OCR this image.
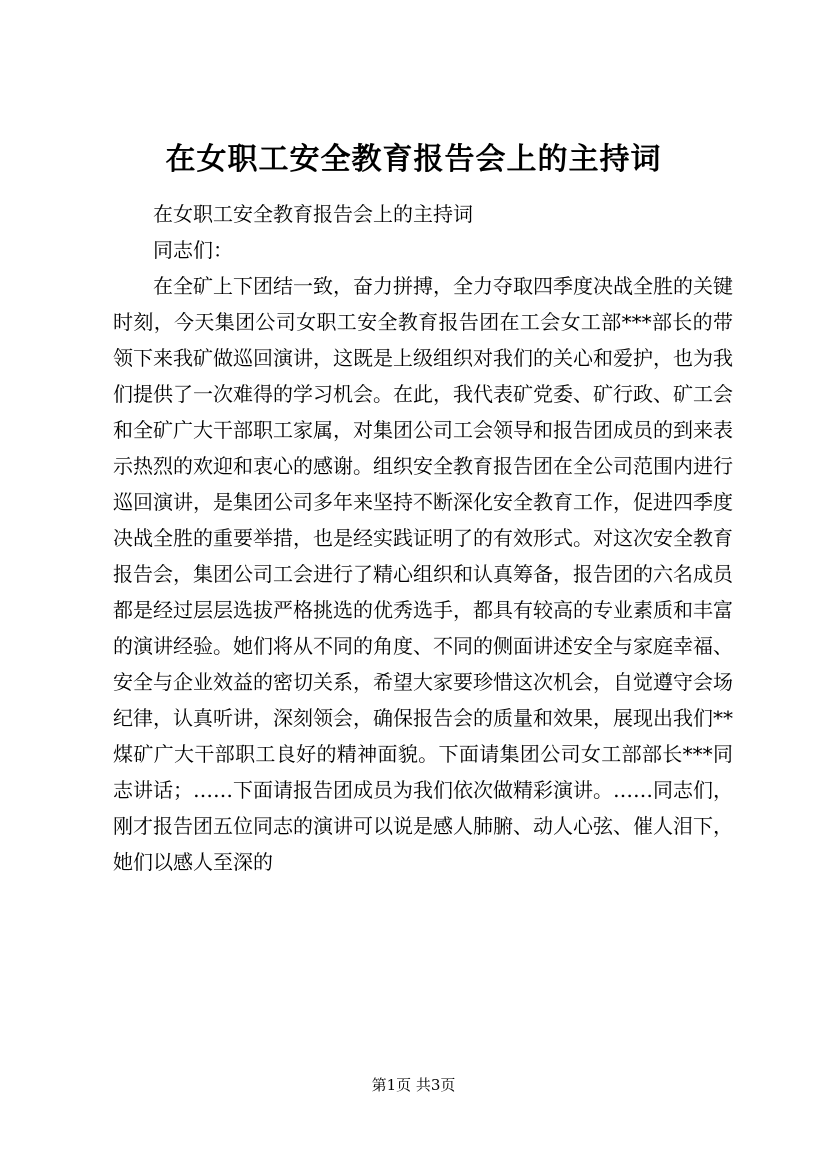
在女职工安全教育报告会上的主持词

在女职工安全教育报告会上的主持词

同志们：

在全矿上下团结一致，奋力拼搏，全力夺取四季度决战全胜的关键时刻，今天集团公司女职工安全教育报告团在工会女工部***部长的带领下来我矿做巡回演讲，这既是上级组织对我们的关心和爱护，也为我们提供了一次难得的学习机会。在此，我代表矿党委、矿行政、矿工会和全矿广大干部职工家属，对集团公司工会领导和报告团成员的到来表示热烈的欢迎和衷心的感谢。组织安全教育报告团在全公司范围内进行巡回演讲，是集团公司多年来坚持不断深化安全教育工作，促进四季度决战全胜的重要举措，也是经实践证明了的有效形式。对这次安全教育报告会，集团公司工会进行了精心组织和认真筹备，报告团的六名成员都是经过层层选拔严格挑选的优秀选手，都具有较高的专业素质和丰富的演讲经验。她们将从不同的角度、不同的侧面讲述安全与家庭幸福、安全与企业效益的密切关系，希望大家要珍惜这次机会，自觉遵守会场纪律，认真听讲，深刻领会，确保报告会的质量和效果，展现出我们**煤矿广大干部职工良好的精神面貌。下面请集团公司女工部部长***同志讲话；……下面请报告团成员为我们依次做精彩演讲。……同志们，刚才报告团五位同志的演讲可以说是感人肺腑、动人心弦、催人泪下，她们以感人至深的

第1页 共3页
